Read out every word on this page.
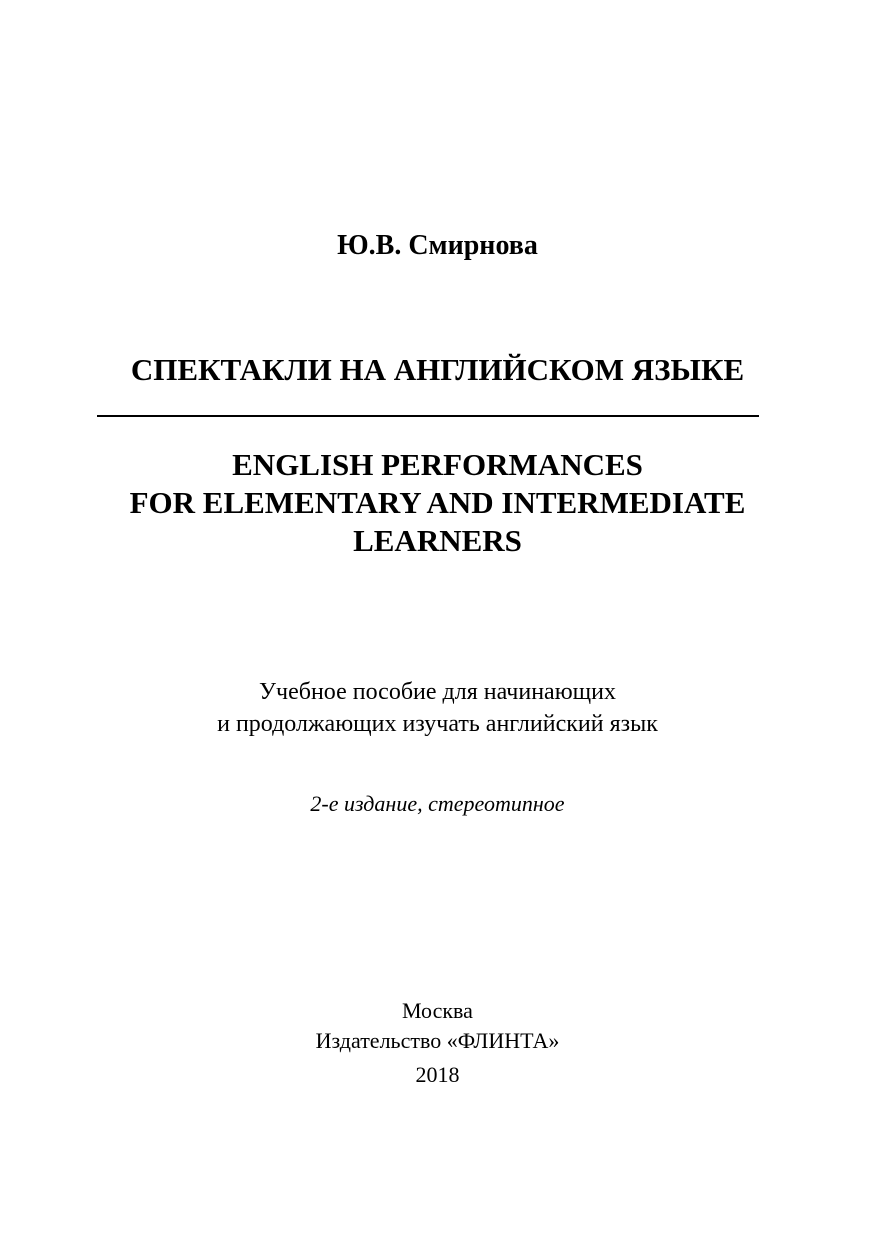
Ю.В. Смирнова

СПЕКТАКЛИ НА АНГЛИЙСКОМ ЯЗЫКЕ

ENGLISH PERFORMANCES
FOR ELEMENTARY AND INTERMEDIATE
LEARNERS
Учебное пособие для начинающих
и продолжающих изучать английский язык

2-е издание, стереотипное

Москва
Издательство «ФЛИНТА»
2018
